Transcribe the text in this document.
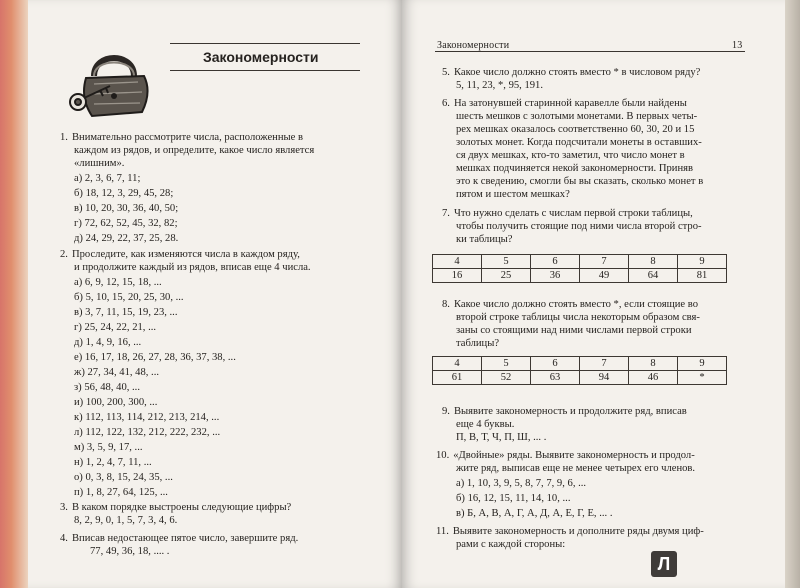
Закономерности
1. Внимательно рассмотрите числа, расположенные в
каждом из рядов, и определите, какое число является
«лишним».
а) 2, 3, 6, 7, 11;
б) 18, 12, 3, 29, 45, 28;
в) 10, 20, 30, 36, 40, 50;
г) 72, 62, 52, 45, 32, 82;
д) 24, 29, 22, 37, 25, 28.
2. Проследите, как изменяются числа в каждом ряду,
и продолжите каждый из рядов, вписав еще 4 числа.
а) 6, 9, 12, 15, 18, ...
б) 5, 10, 15, 20, 25, 30, ...
в) 3, 7, 11, 15, 19, 23, ...
г) 25, 24, 22, 21, ...
д) 1, 4, 9, 16, ...
е) 16, 17, 18, 26, 27, 28, 36, 37, 38, ...
ж) 27, 34, 41, 48, ...
з) 56, 48, 40, ...
и) 100, 200, 300, ...
к) 112, 113, 114, 212, 213, 214, ...
л) 112, 122, 132, 212, 222, 232, ...
м) 3, 5, 9, 17, ...
н) 1, 2, 4, 7, 11, ...
о) 0, 3, 8, 15, 24, 35, ...
п) 1, 8, 27, 64, 125, ...
3. В каком порядке выстроены следующие цифры?
8, 2, 9, 0, 1, 5, 7, 3, 4, 6.
4. Вписав недостающее пятое число, завершите ряд.
77, 49, 36, 18, .... .
Закономерности	13
5. Какое число должно стоять вместо * в числовом ряду?
5, 11, 23, *, 95, 191.
6. На затонувшей старинной каравелле были найдены
шесть мешков с золотыми монетами. В первых четы-
рех мешках оказалось соответственно 60, 30, 20 и 15
золотых монет. Когда подсчитали монеты в оставших-
ся двух мешках, кто-то заметил, что число монет в
мешках подчиняется некой закономерности. Приняв
это к сведению, смогли бы вы сказать, сколько монет в
пятом и шестом мешках?
7. Что нужно сделать с числам первой строки таблицы,
чтобы получить стоящие под ними числа второй стро-
ки таблицы?
8. Какое число должно стоять вместо *, если стоящие во
второй строке таблицы числа некоторым образом свя-
заны со стоящими над ними числами первой строки
таблицы?
9. Выявите закономерность и продолжите ряд, вписав
еще 4 буквы.
П, В, Т, Ч, П, Ш, ... .
10. «Двойные» ряды. Выявите закономерность и продол-
жите ряд, выписав еще не менее четырех его членов.
а) 1, 10, 3, 9, 5, 8, 7, 7, 9, 6, ...
б) 16, 12, 15, 11, 14, 10, ...
в) Б, А, В, А, Г, А, Д, А, Е, Г, Е, ... .
11. Выявите закономерность и дополните ряды двумя циф-
рами с каждой стороны:
4	5	6	7	8	9
16	25	36	49	64	81
4	5	6	7	8	9
61	52	63	94	46	*
Л
